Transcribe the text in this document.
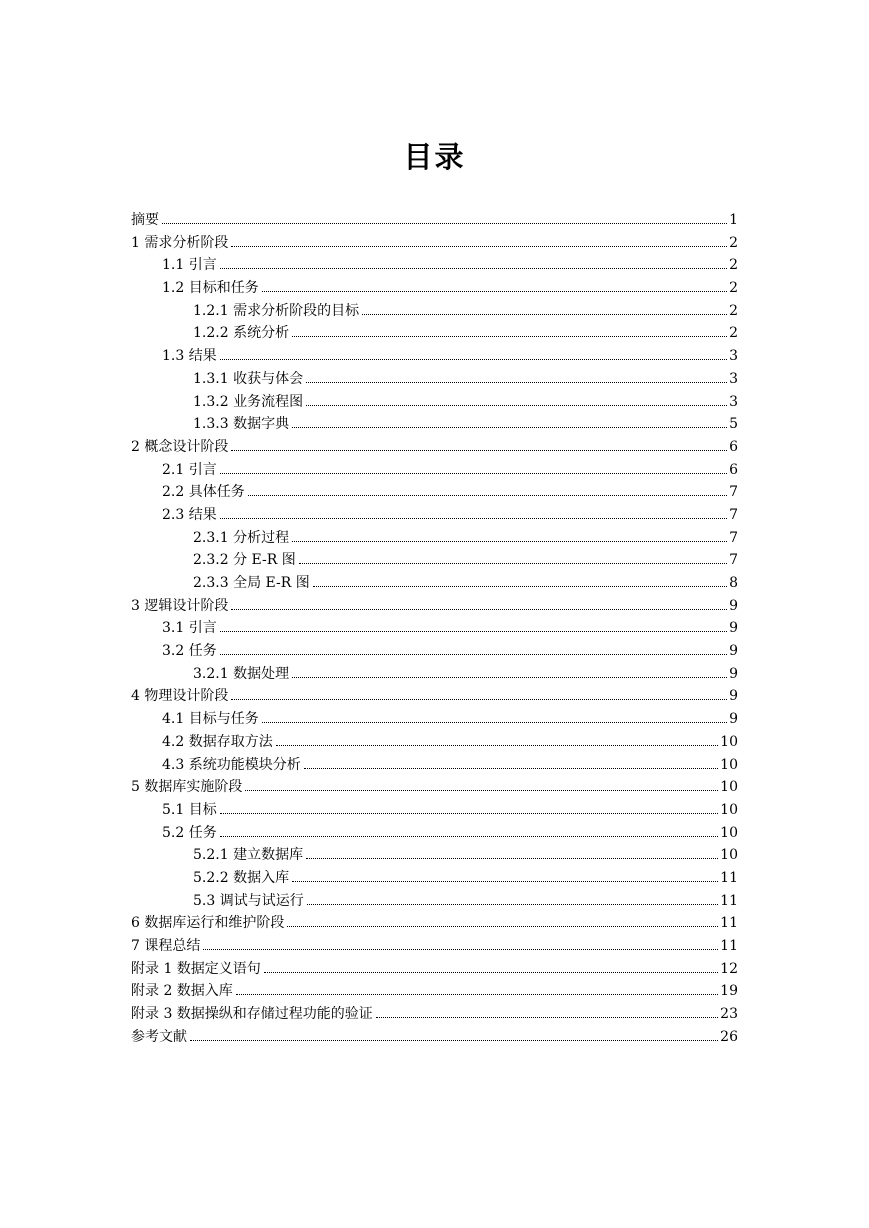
目录
摘要	1
1 需求分析阶段	2
1.1 引言	2
1.2 目标和任务	2
1.2.1 需求分析阶段的目标	2
1.2.2 系统分析	2
1.3 结果	3
1.3.1 收获与体会	3
1.3.2 业务流程图	3
1.3.3 数据字典	5
2 概念设计阶段	6
2.1 引言	6
2.2 具体任务	7
2.3 结果	7
2.3.1 分析过程	7
2.3.2 分 E-R 图	7
2.3.3 全局 E-R 图	8
3 逻辑设计阶段	9
3.1 引言	9
3.2 任务	9
3.2.1 数据处理	9
4 物理设计阶段	9
4.1 目标与任务	9
4.2 数据存取方法	10
4.3 系统功能模块分析	10
5 数据库实施阶段	10
5.1 目标	10
5.2 任务	10
5.2.1 建立数据库	10
5.2.2 数据入库	11
5.3 调试与试运行	11
6 数据库运行和维护阶段	11
7 课程总结	11
附录 1 数据定义语句	12
附录 2 数据入库	19
附录 3 数据操纵和存储过程功能的验证	23
参考文献	26
